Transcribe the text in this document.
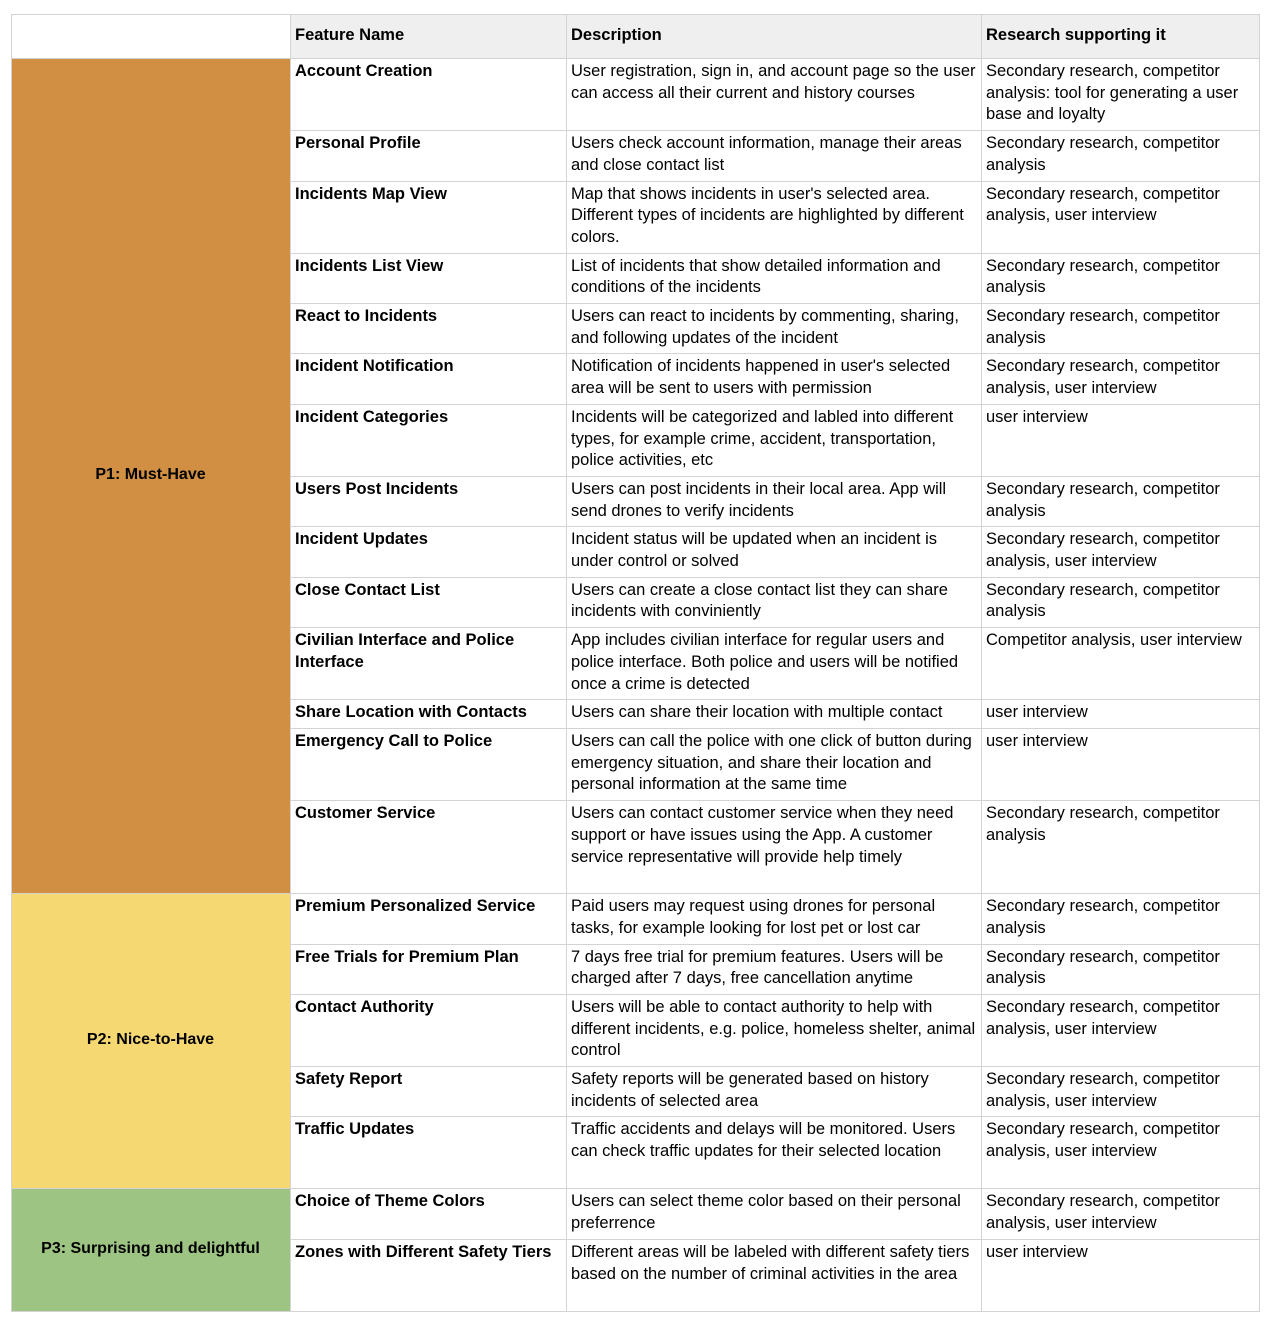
	Feature Name	Description	Research supporting it
P1: Must-Have	Account Creation	User registration, sign in, and account page so the user can access all their current and history courses	Secondary research, competitor analysis: tool for generating a user base and loyalty
	Personal Profile	Users check account information, manage their areas and close contact list	Secondary research, competitor analysis
	Incidents Map View	Map that shows incidents in user's selected area. Different types of incidents are highlighted by different colors.	Secondary research, competitor analysis, user interview
	Incidents List View	List of incidents that show detailed information and conditions of the incidents	Secondary research, competitor analysis
	React to Incidents	Users can react to incidents by commenting, sharing, and following updates of the incident	Secondary research, competitor analysis
	Incident Notification	Notification of incidents happened in user's selected area will be sent to users with permission	Secondary research, competitor analysis, user interview
	Incident Categories	Incidents will be categorized and labled into different types, for example crime, accident, transportation, police activities, etc	user interview
	Users Post Incidents	Users can post incidents in their local area. App will send drones to verify incidents	Secondary research, competitor analysis
	Incident Updates	Incident status will be updated when an incident is under control or solved	Secondary research, competitor analysis, user interview
	Close Contact List	Users can create a close contact list they can share incidents with conviniently	Secondary research, competitor analysis
	Civilian Interface and Police Interface	App includes civilian interface for regular users and police interface. Both police and users will be notified once a crime is detected	Competitor analysis, user interview
	Share Location with Contacts	Users can share their location with multiple contact	user interview
	Emergency Call to Police	Users can call the police with one click of button during emergency situation, and share their location and personal information at the same time	user interview
	Customer Service	Users can contact customer service when they need support or have issues using the App. A customer service representative will provide help timely	Secondary research, competitor analysis
P2: Nice-to-Have	Premium Personalized Service	Paid users may request using drones for personal tasks, for example looking for lost pet or lost car	Secondary research, competitor analysis
	Free Trials for Premium Plan	7 days free trial for premium features. Users will be charged after 7 days, free cancellation anytime	Secondary research, competitor analysis
	Contact Authority	Users will be able to contact authority to help with different incidents, e.g. police, homeless shelter, animal control	Secondary research, competitor analysis, user interview
	Safety Report	Safety reports will be generated based on history incidents of selected area	Secondary research, competitor analysis, user interview
	Traffic Updates	Traffic accidents and delays will be monitored. Users can check traffic updates for their selected location	Secondary research, competitor analysis, user interview
P3: Surprising and delightful	Choice of Theme Colors	Users can select theme color based on their personal preferrence	Secondary research, competitor analysis, user interview
	Zones with Different Safety Tiers	Different areas will be labeled with different safety tiers based on the number of criminal activities in the area	user interview
